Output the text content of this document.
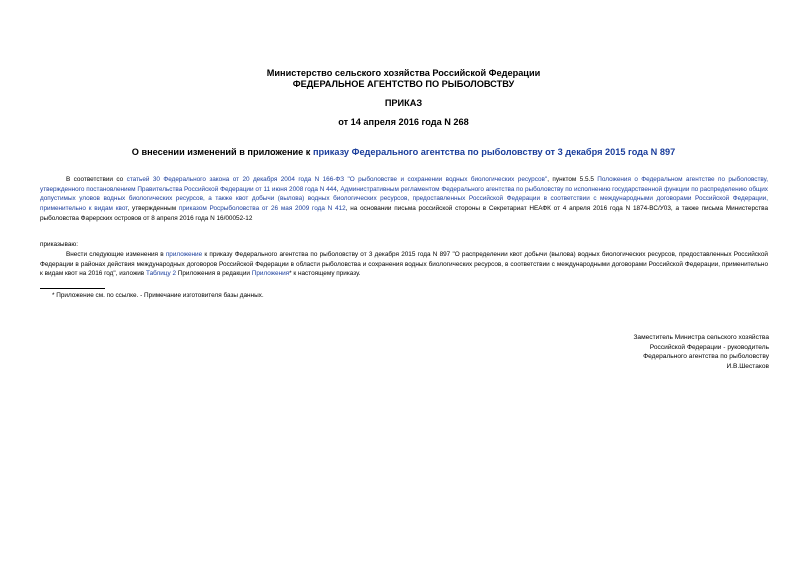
Министерство сельского хозяйства Российской Федерации
ФЕДЕРАЛЬНОЕ АГЕНТСТВО ПО РЫБОЛОВСТВУ
ПРИКАЗ
от 14 апреля 2016 года N 268
О внесении изменений в приложение к приказу Федерального агентства по рыболовству от 3 декабря 2015 года N 897
В соответствии со статьей 30 Федерального закона от 20 декабря 2004 года N 166-ФЗ "О рыболовстве и сохранении водных биологических ресурсов", пунктом 5.5.5 Положения о Федеральном агентстве по рыболовству, утвержденного постановлением Правительства Российской Федерации от 11 июня 2008 года N 444, Административным регламентом Федерального агентства по рыболовству по исполнению государственной функции по распределению общих допустимых уловов водных биологических ресурсов, а также квот добычи (вылова) водных биологических ресурсов, предоставленных Российской Федерации в соответствии с международными договорами Российской Федерации, применительно к видам квот, утвержденным приказом Росрыболовства от 26 мая 2009 года N 412, на основании письма российской стороны в Секретариат НЕАФК от 4 апреля 2016 года N 1874-ВС/У03, а также письма Министерства рыболовства Фарерских островов от 8 апреля 2016 года N 16/00052-12
приказываю:
Внести следующие изменения в приложение к приказу Федерального агентства по рыболовству от 3 декабря 2015 года N 897 "О распределении квот добычи (вылова) водных биологических ресурсов, предоставленных Российской Федерации в районах действия международных договоров Российской Федерации в области рыболовства и сохранения водных биологических ресурсов, в соответствии с международными договорами Российской Федерации, применительно к видам квот на 2016 год", изложив Таблицу 2 Приложения в редакции Приложения* к настоящему приказу.
* Приложение см. по ссылке. - Примечание изготовителя базы данных.
Заместитель Министра сельского хозяйства
Российской Федерации - руководитель
Федерального агентства по рыболовству
И.В.Шестаков
